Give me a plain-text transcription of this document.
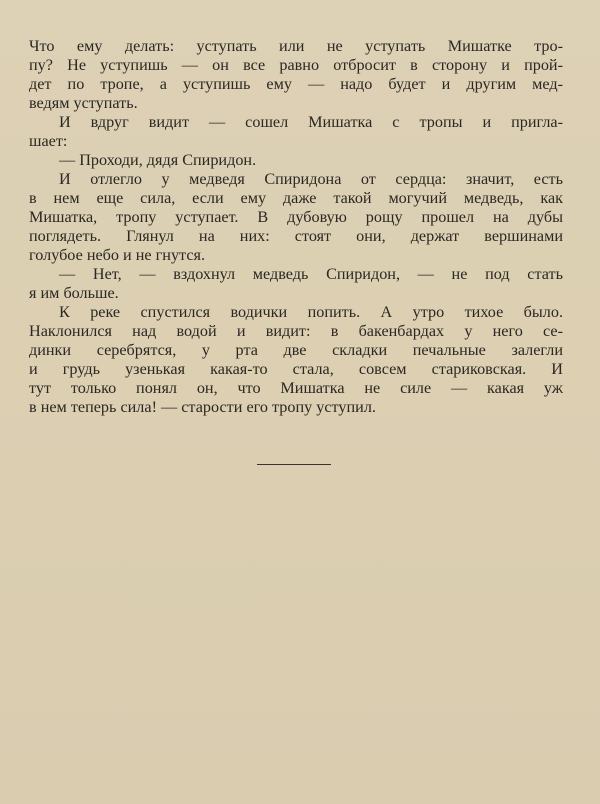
Что ему делать: уступать или не уступать Мишатке тро-
пу? Не уступишь — он все равно отбросит в сторону и прой-
дет по тропе, а уступишь ему — надо будет и другим мед-
ведям уступать.

И вдруг видит — сошел Мишатка с тропы и пригла-
шает:

— Проходи, дядя Спиридон.

И отлегло у медведя Спиридона от сердца: значит, есть
в нем еще сила, если ему даже такой могучий медведь, как
Мишатка, тропу уступает. В дубовую рощу прошел на дубы
поглядеть. Глянул на них: стоят они, держат вершинами
голубое небо и не гнутся.

— Нет, — вздохнул медведь Спиридон, — не под стать
я им больше.

К реке спустился водички попить. А утро тихое было.
Наклонился над водой и видит: в бакенбардах у него се-
динки серебрятся, у рта две складки печальные залегли
и грудь узенькая какая-то стала, совсем стариковская. И
тут только понял он, что Мишатка не силе — какая уж
в нем теперь сила! — старости его тропу уступил.
